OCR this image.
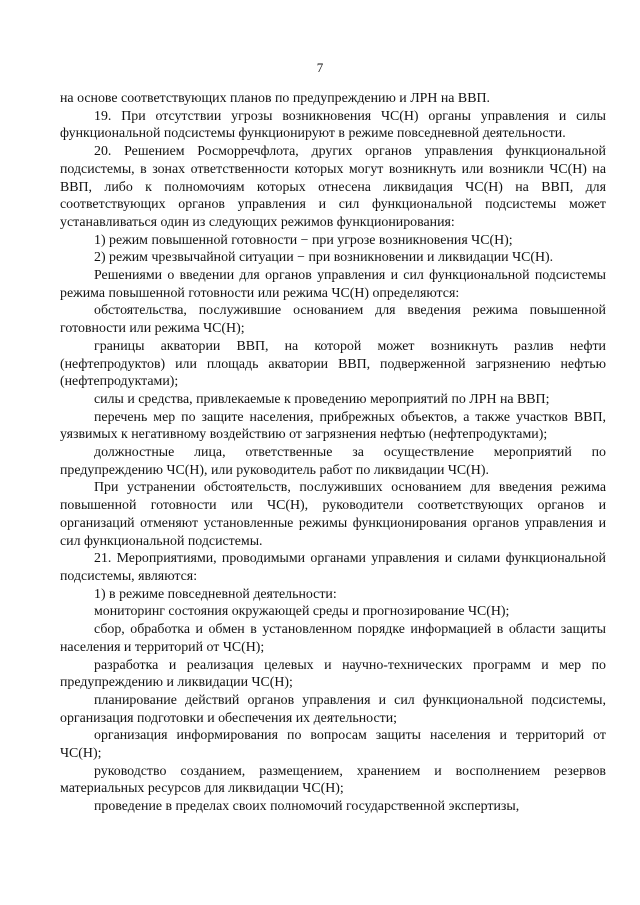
7

на основе соответствующих планов по предупреждению и ЛРН на ВВП.

19. При отсутствии угрозы возникновения ЧС(Н) органы управления и силы функциональной подсистемы функционируют в режиме повседневной деятельности.

20. Решением Росморречфлота, других органов управления функциональной подсистемы, в зонах ответственности которых могут возникнуть или возникли ЧС(Н) на ВВП, либо к полномочиям которых отнесена ликвидация ЧС(Н) на ВВП, для соответствующих органов управления и сил функциональной подсистемы может устанавливаться один из следующих режимов функционирования:

1) режим повышенной готовности − при угрозе возникновения ЧС(Н);

2) режим чрезвычайной ситуации − при возникновении и ликвидации ЧС(Н).

Решениями о введении для органов управления и сил функциональной подсистемы режима повышенной готовности или режима ЧС(Н) определяются:

обстоятельства, послужившие основанием для введения режима повышенной готовности или режима ЧС(Н);

границы акватории ВВП, на которой может возникнуть разлив нефти (нефтепродуктов) или площадь акватории ВВП, подверженной загрязнению нефтью (нефтепродуктами);

силы и средства, привлекаемые к проведению мероприятий по ЛРН на ВВП;

перечень мер по защите населения, прибрежных объектов, а также участков ВВП, уязвимых к негативному воздействию от загрязнения нефтью (нефтепродуктами);

должностные лица, ответственные за осуществление мероприятий по предупреждению ЧС(Н), или руководитель работ по ликвидации ЧС(Н).

При устранении обстоятельств, послуживших основанием для введения режима повышенной готовности или ЧС(Н), руководители соответствующих органов и организаций отменяют установленные режимы функционирования органов управления и сил функциональной подсистемы.

21. Мероприятиями, проводимыми органами управления и силами функциональной подсистемы, являются:

1) в режиме повседневной деятельности:

мониторинг состояния окружающей среды и прогнозирование ЧС(Н);

сбор, обработка и обмен в установленном порядке информацией в области защиты населения и территорий от ЧС(Н);

разработка и реализация целевых и научно-технических программ и мер по предупреждению и ликвидации ЧС(Н);

планирование действий органов управления и сил функциональной подсистемы, организация подготовки и обеспечения их деятельности;

организация информирования по вопросам защиты населения и территорий от ЧС(Н);

руководство созданием, размещением, хранением и восполнением резервов материальных ресурсов для ликвидации ЧС(Н);

проведение в пределах своих полномочий государственной экспертизы,
